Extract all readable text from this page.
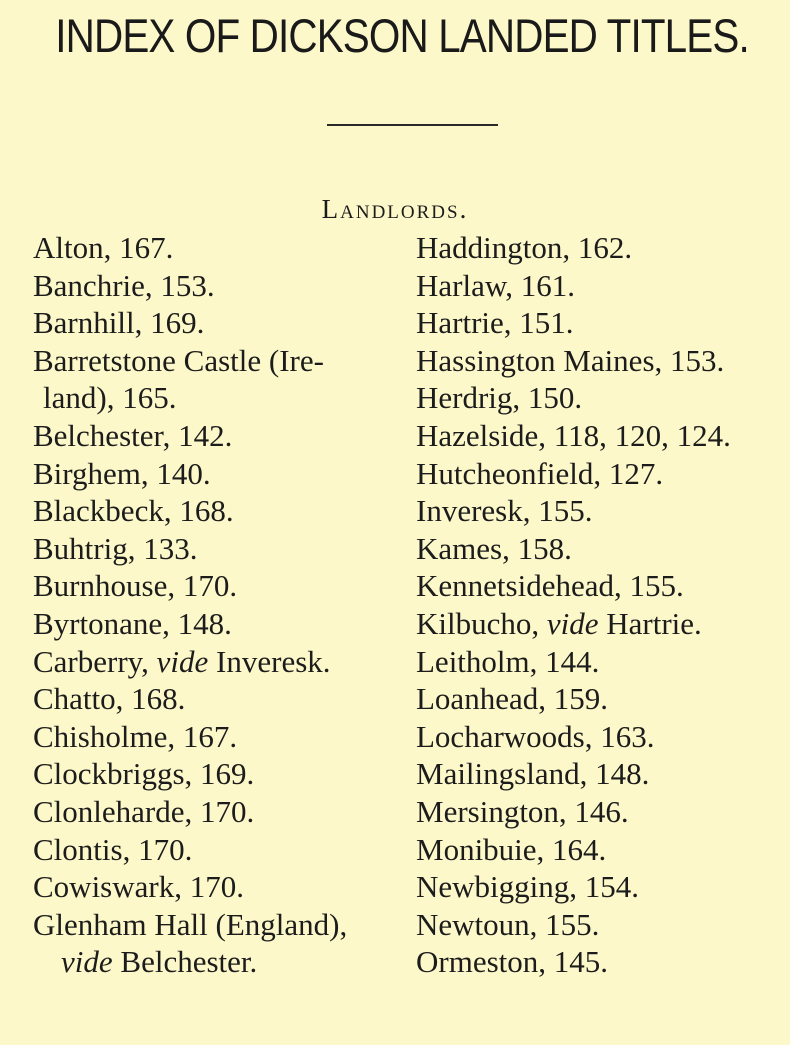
INDEX OF DICKSON LANDED TITLES.
Landlords.
Alton, 167.
Banchrie, 153.
Barnhill, 169.
Barretstone Castle (Ire-
land), 165.
Belchester, 142.
Birghem, 140.
Blackbeck, 168.
Buhtrig, 133.
Burnhouse, 170.
Byrtonane, 148.
Carberry, vide Inveresk.
Chatto, 168.
Chisholme, 167.
Clockbriggs, 169.
Clonleharde, 170.
Clontis, 170.
Cowiswark, 170.
Glenham Hall (England),
vide Belchester.
Haddington, 162.
Harlaw, 161.
Hartrie, 151.
Hassington Maines, 153.
Herdrig, 150.
Hazelside, 118, 120, 124.
Hutcheonfield, 127.
Inveresk, 155.
Kames, 158.
Kennetsidehead, 155.
Kilbucho, vide Hartrie.
Leitholm, 144.
Loanhead, 159.
Locharwoods, 163.
Mailingsland, 148.
Mersington, 146.
Monibuie, 164.
Newbigging, 154.
Newtoun, 155.
Ormeston, 145.
